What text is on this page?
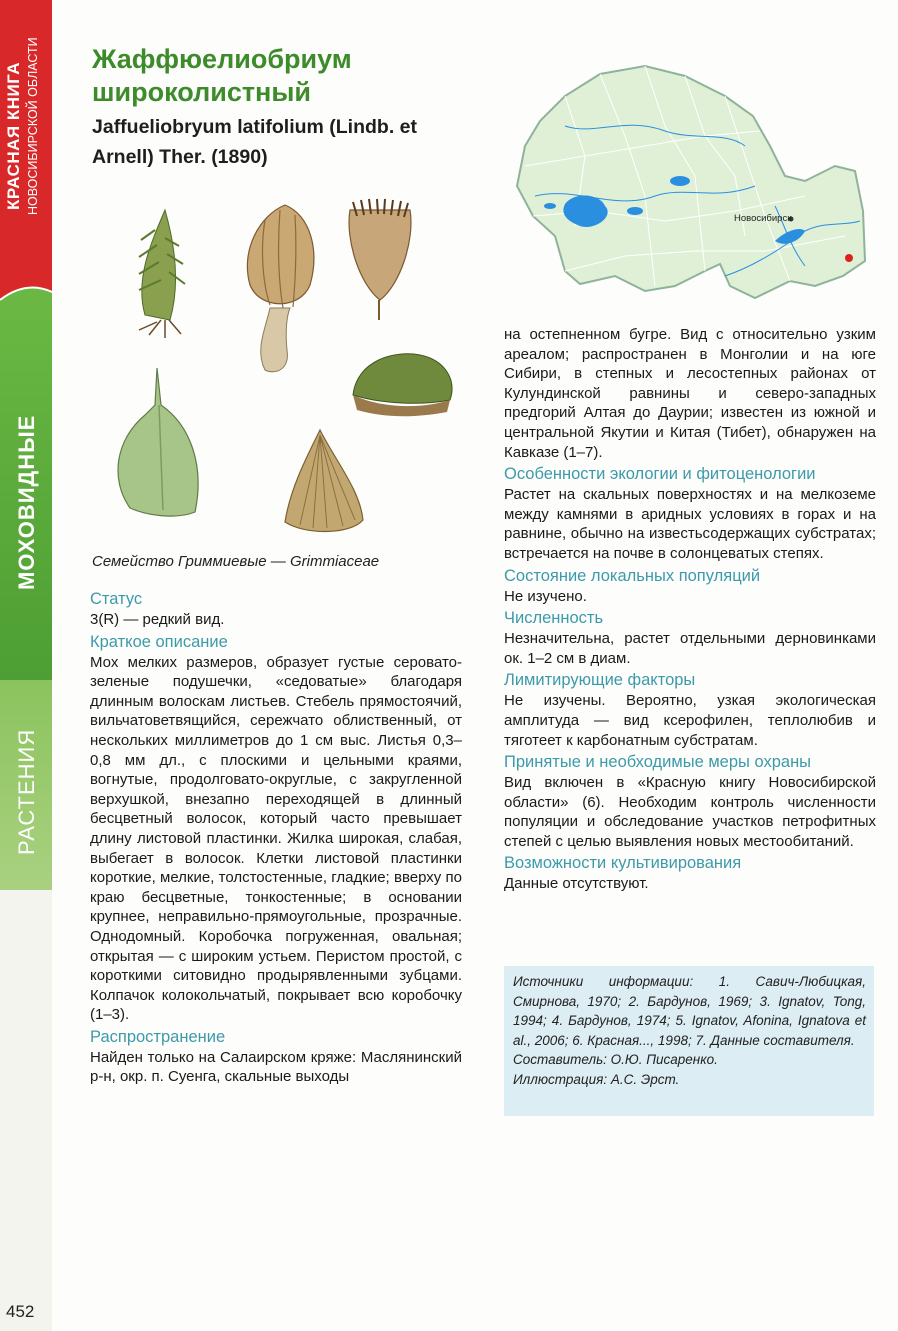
КРАСНАЯ КНИГА НОВОСИБИРСКОЙ ОБЛАСТИ
МОХОВИДНЫЕ
РАСТЕНИЯ
452
Жаффюелиобриум широколистный
Jaffueliobryum latifolium (Lindb. et Arnell) Ther. (1890)
Семейство Гриммиевые — Grimmiaceae
Новосибирск
Статус

3(R) — редкий вид.

Краткое описание

Мох мелких размеров, образует густые серовато-зеленые подушечки, «седоватые» благодаря длинным волоскам листьев. Стебель прямостоячий, вильчатоветвящийся, сережчато облиственный, от нескольких миллиметров до 1 см выс. Листья 0,3–0,8 мм дл., с плоскими и цельными краями, вогнутые, продолговато-округлые, с закругленной верхушкой, внезапно переходящей в длинный бесцветный волосок, который часто превышает длину листовой пластинки. Жилка широкая, слабая, выбегает в волосок. Клетки листовой пластинки короткие, мелкие, толстостенные, гладкие; вверху по краю бесцветные, тонкостенные; в основании крупнее, неправильно-прямоугольные, прозрачные. Однодомный. Коробочка погруженная, овальная; открытая — с широким устьем. Перистом простой, с короткими ситовидно продырявленными зубцами. Колпачок колокольчатый, покрывает всю коробочку (1–3).

Распространение

Найден только на Салаирском кряже: Маслянинский р-н, окр. п. Суенга, скальные выходы

на остепненном бугре. Вид с относительно узким ареалом; распространен в Монголии и на юге Сибири, в степных и лесостепных районах от Кулундинской равнины и северо-западных предгорий Алтая до Даурии; известен из южной и центральной Якутии и Китая (Тибет), обнаружен на Кавказе (1–7).

Особенности экологии и фитоценологии

Растет на скальных поверхностях и на мелкоземе между камнями в аридных условиях в горах и на равнине, обычно на известьсодержащих субстратах; встречается на почве в солонцеватых степях.

Состояние локальных популяций

Не изучено.

Численность

Незначительна, растет отдельными дерновинками ок. 1–2 см в диам.

Лимитирующие факторы

Не изучены. Вероятно, узкая экологическая амплитуда — вид ксерофилен, теплолюбив и тяготеет к карбонатным субстратам.

Принятые и необходимые меры охраны

Вид включен в «Красную книгу Новосибирской области» (6). Необходим контроль численности популяции и обследование участков петрофитных степей с целью выявления новых местообитаний.

Возможности культивирования

Данные отсутствуют.

Источники информации: 1. Савич-Любицкая, Смирнова, 1970; 2. Бардунов, 1969; 3. Ignatov, Tong, 1994; 4. Бардунов, 1974; 5. Ignatov, Afonina, Ignatova et al., 2006; 6. Красная..., 1998; 7. Данные составителя.

Составитель: О.Ю. Писаренко.

Иллюстрация: А.С. Эрст.
